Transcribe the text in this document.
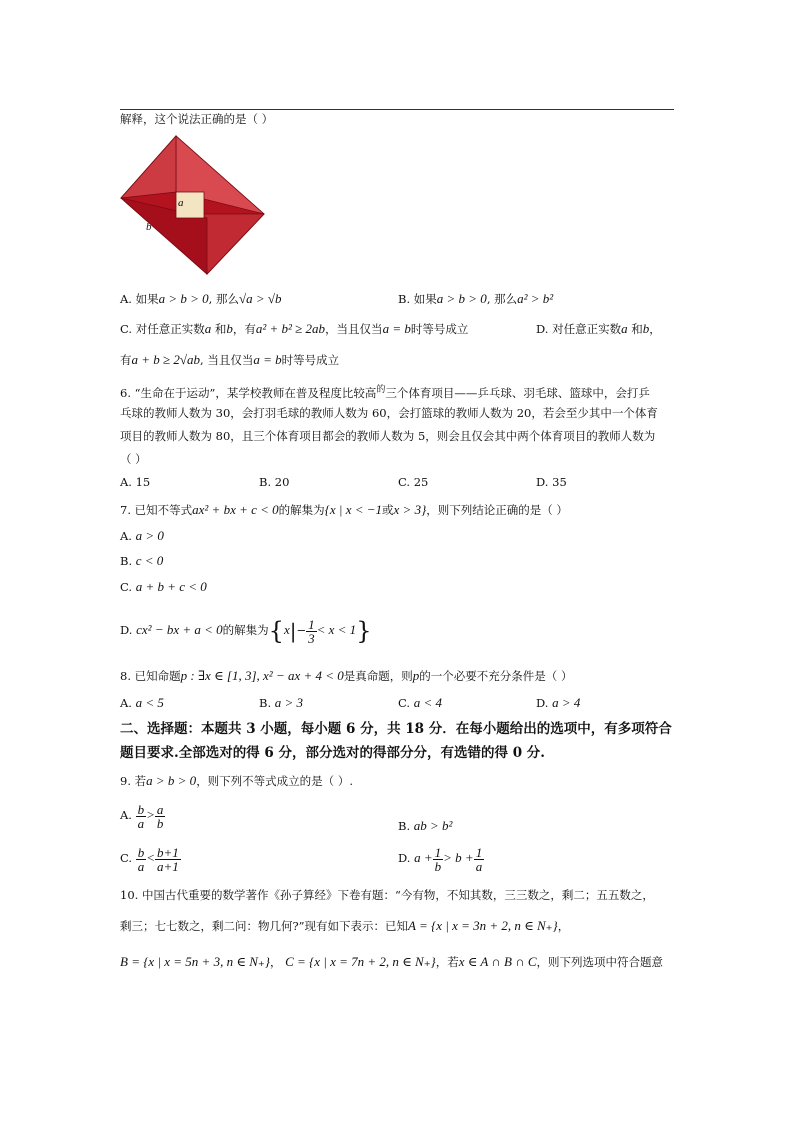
解释，这个说法正确的是（ ）
a
b
A. 如果a > b > 0, 那么√a > √b	B. 如果a > b > 0, 那么a² > b²
C. 对任意正实数a 和b，有a² + b² ≥ 2ab，当且仅当a = b时等号成立	D. 对任意正实数a 和b，
有a + b ≥ 2√ab, 当且仅当a = b时等号成立
6. “生命在于运动”，某学校教师在普及程度比较高$^的$三个体育项目——乒乓球、羽毛球、篮球中，会打乒
乓球的教师人数为 30，会打羽毛球的教师人数为 60，会打篮球的教师人数为 20，若会至少其中一个体育
项目的教师人数为 80，且三个体育项目都会的教师人数为 5，则会且仅会其中两个体育项目的教师人数为
（ ）
A. 15	B. 20	C. 25	D. 35
7. 已知不等式ax² + bx + c < 0的解集为{x | x < −1或x > 3}，则下列结论正确的是（ ）
A. a > 0
B. c < 0
C. a + b + c < 0
D. cx² − bx + a < 0的解集为$\{x|- \frac{1}{3} < x < 1\}$
8. 已知命题p : ∃x ∈ [1, 3], x² − ax + 4 < 0是真命题，则p的一个必要不充分条件是（ ）
A. a < 5	B. a > 3	C. a < 4	D. a > 4
二、选择题：本题共 3 小题，每小题 6 分，共 18 分．在每小题给出的选项中，有多项符合
题目要求.全部选对的得 6 分，部分选对的得部分分，有选错的得 0 分.
9. 若a > b > 0，则下列不等式成立的是（ ）.
A. $\frac{b}{a} > \frac{a}{b}$	B. ab > b²
C. $\frac{b}{a} < \frac{b+1}{a+1}$	D. $a + \frac{1}{b} > b + \frac{1}{a}$
10. 中国古代重要的数学著作《孙子算经》下卷有题：“今有物，不知其数，三三数之，剩二；五五数之，
剩三；七七数之，剩二问：物几何?”现有如下表示：已知A = {x | x = 3n + 2, n ∈ N₊}，
B = {x | x = 5n + 3, n ∈ N₊}， C = {x | x = 7n + 2, n ∈ N₊}，若x ∈ A ∩ B ∩ C，则下列选项中符合题意
